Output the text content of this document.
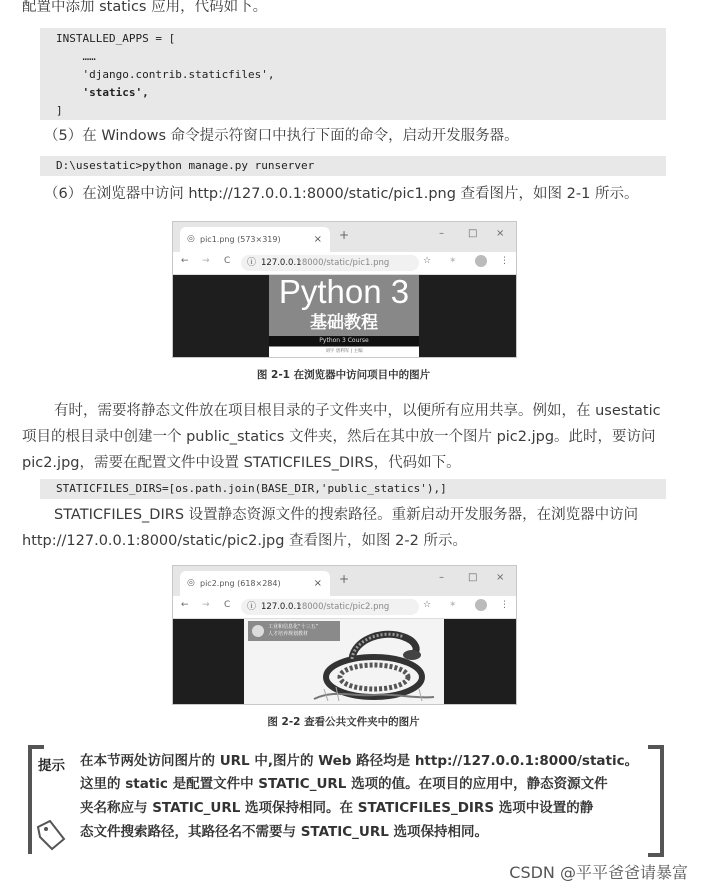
配置中添加 statics 应用，代码如下。
INSTALLED_APPS = [
……
'django.contrib.staticfiles',
'statics',
]
（5）在 Windows 命令提示符窗口中执行下面的命令，启动开发服务器。
D:\usestatic>python manage.py runserver
（6）在浏览器中访问 http://127.0.0.1:8000/static/pic1.png 查看图片，如图 2-1 所示。
◎ pic1.png (573×319)	× +	– □ ×
← → C ⓘ 127.0.0.1
:8000/static/pic1.png	☆ ✶	⋮
Python 3
基础教程
Python 3 Course
刘宇 唐利军 | 主编
图 2-1 在浏览器中访问项目中的图片
有时，需要将静态文件放在项目根目录的子文件夹中，以便所有应用共享。例如，在 usestatic
项目的根目录中创建一个 public_statics 文件夹，然后在其中放一个图片 pic2.jpg。此时，要访问
pic2.jpg，需要在配置文件中设置 STATICFILES_DIRS，代码如下。
STATICFILES_DIRS=[os.path.join(BASE_DIR,'public_statics'),]
STATICFILES_DIRS 设置静态资源文件的搜索路径。重新启动开发服务器，在浏览器中访问
http://127.0.0.1:8000/static/pic2.jpg 查看图片，如图 2-2 所示。
◎ pic2.png (618×284)	× +	– □ ×
← → C ⓘ 127.0.0.1
:8000/static/pic2.png	☆ ✶	⋮
工业和信息化“十三五”
人才培养规划教材
图 2-2 查看公共文件夹中的图片
提示 在本节两处访问图片的 URL 中,图片的 Web 路径均是 http://127.0.0.1:8000/static。
这里的 static 是配置文件中 STATIC_URL 选项的值。在项目的应用中，静态资源文件
夹名称应与 STATIC_URL 选项保持相同。在 STATICFILES_DIRS 选项中设置的静
态文件搜索路径，其路径名不需要与 STATIC_URL 选项保持相同。
CSDN @平平爸爸请暴富
